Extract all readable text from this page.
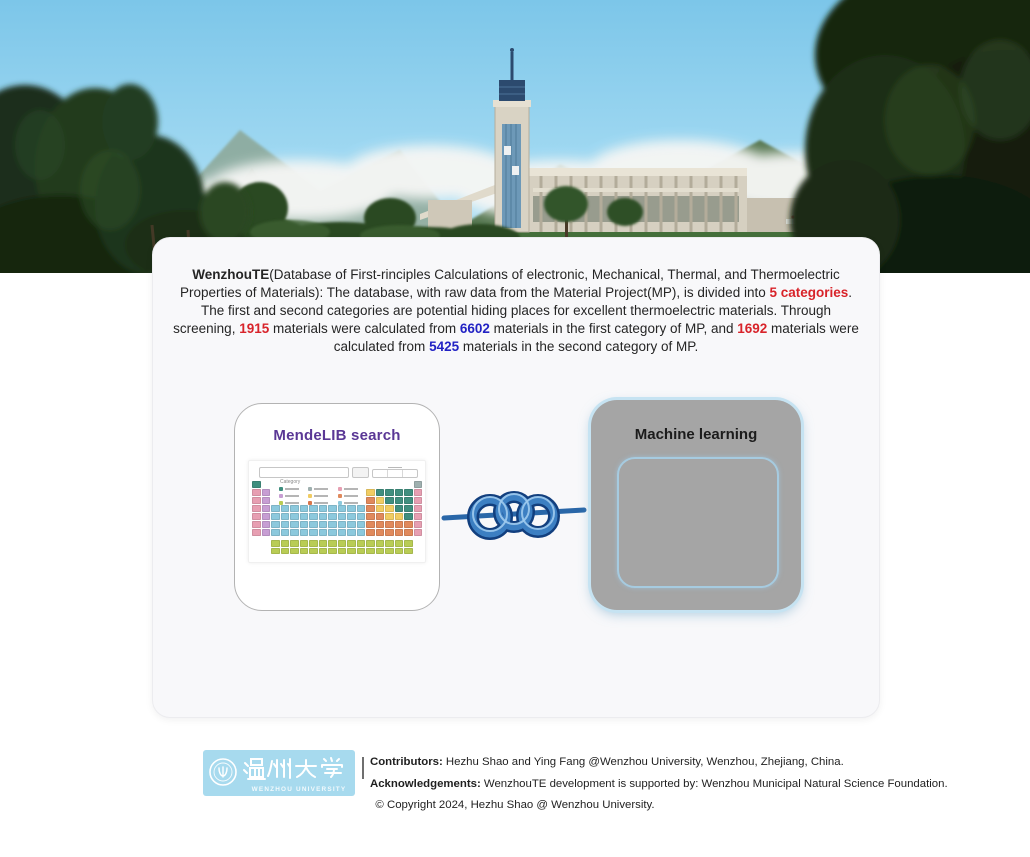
WenzhouTE(Database of First-rinciples Calculations of electronic, Mechanical, Thermal, and Thermoelectric Properties of Materials): The database, with raw data from the Material Project(MP), is divided into 5 categories. The first and second categories are potential hiding places for excellent thermoelectric materials. Through screening, 1915 materials were calculated from 6602 materials in the first category of MP, and 1692 materials were calculated from 5425 materials in the second category of MP.

MendeLIB search
Category
Machine learning
WENZHOU UNIVERSITY
Contributors: Hezhu Shao and Ying Fang @Wenzhou University, Wenzhou, Zhejiang, China.
Acknowledgements: WenzhouTE development is supported by: Wenzhou Municipal Natural Science Foundation.
© Copyright 2024, Hezhu Shao @ Wenzhou University.
